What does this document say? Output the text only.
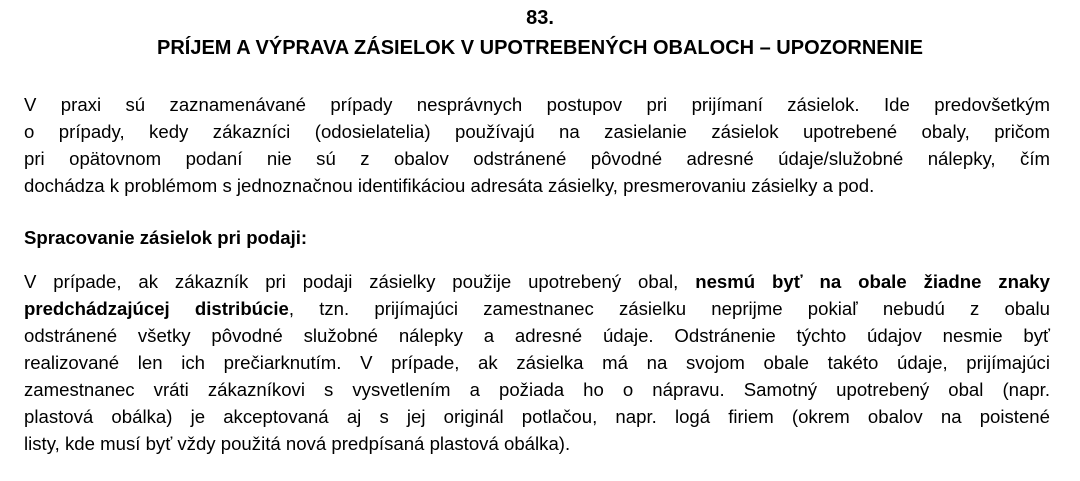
83.
PRÍJEM A VÝPRAVA ZÁSIELOK V UPOTREBENÝCH OBALOCH – UPOZORNENIE
V praxi sú zaznamenávané prípady nesprávnych postupov pri prijímaní zásielok. Ide predovšetkým
o prípady, kedy zákazníci (odosielatelia) používajú na zasielanie zásielok upotrebené obaly, pričom
pri opätovnom podaní nie sú z obalov odstránené pôvodné adresné údaje/služobné nálepky, čím
dochádza k problémom s jednoznačnou identifikáciou adresáta zásielky, presmerovaniu zásielky a pod.
Spracovanie zásielok pri podaji:
V prípade, ak zákazník pri podaji zásielky použije upotrebený obal, nesmú byť na obale žiadne znaky
predchádzajúcej distribúcie, tzn. prijímajúci zamestnanec zásielku neprijme pokiaľ nebudú z obalu
odstránené všetky pôvodné služobné nálepky a adresné údaje. Odstránenie týchto údajov nesmie byť
realizované len ich prečiarknutím. V prípade, ak zásielka má na svojom obale takéto údaje, prijímajúci
zamestnanec vráti zákazníkovi s vysvetlením a požiada ho o nápravu. Samotný upotrebený obal (napr.
plastová obálka) je akceptovaná aj s jej originál potlačou, napr. logá firiem (okrem obalov na poistené
listy, kde musí byť vždy použitá nová predpísaná plastová obálka).
